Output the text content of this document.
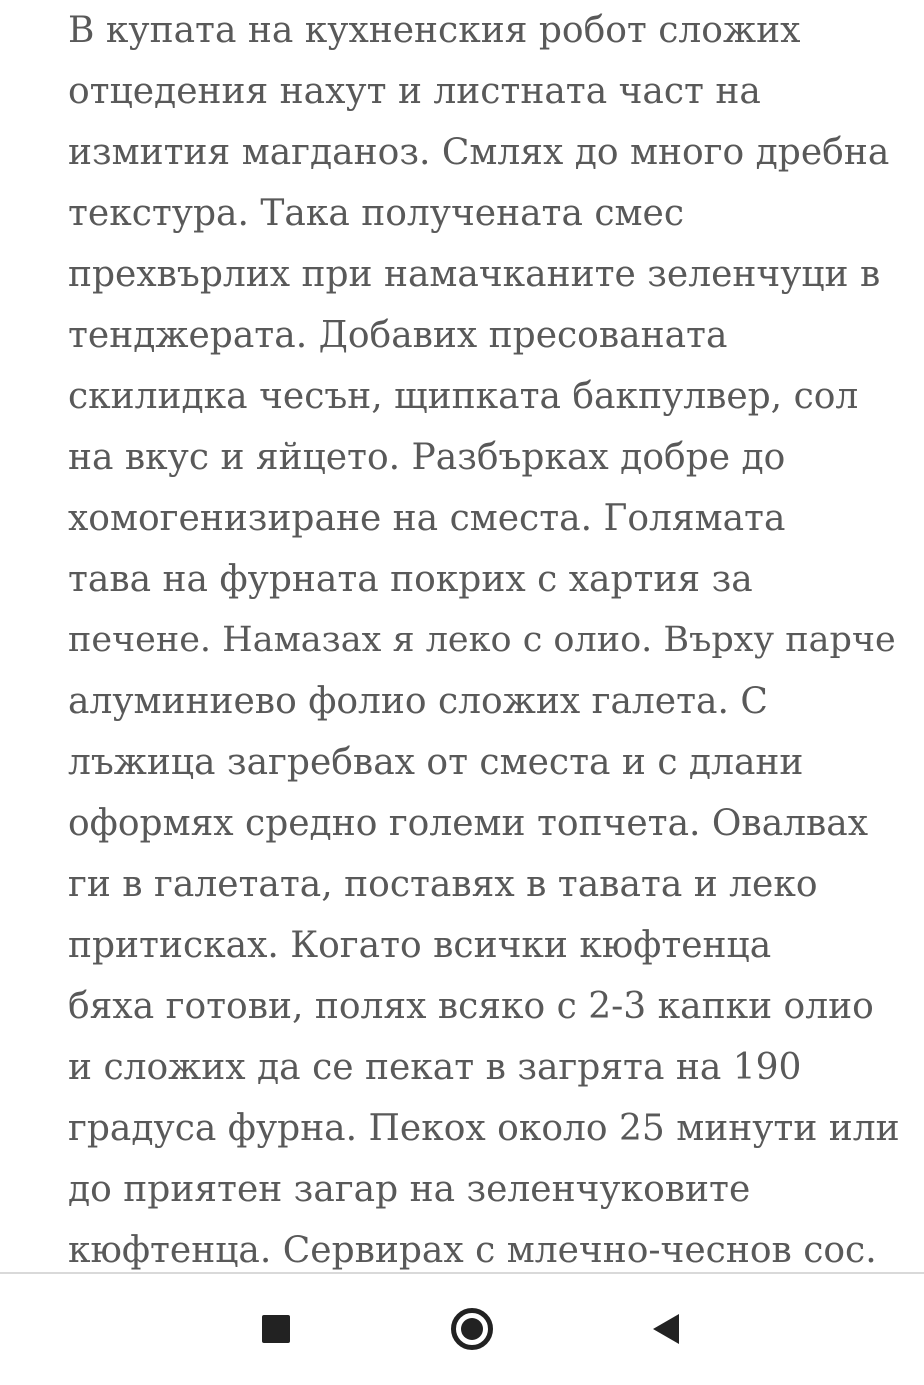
В купата на кухненския робот сложих
отцедения нахут и листната част на
измития магданоз. Смлях до много дребна
текстура. Така получената смес
прехвърлих при намачканите зеленчуци в
тенджерата. Добавих пресованата
скилидка чесън, щипката бакпулвер, сол
на вкус и яйцето. Разбърках добре до
хомогенизиране на сместа. Голямата
тава на фурната покрих с хартия за
печене. Намазах я леко с олио. Върху парче
алуминиево фолио сложих галета. С
лъжица загребвах от сместа и с длани
оформях средно големи топчета. Овалвах
ги в галетата, поставях в тавата и леко
притисках. Когато всички кюфтенца
бяха готови, полях всяко с 2-3 капки олио
и сложих да се пекат в загрята на 190
градуса фурна. Пекох около 25 минути или
до приятен загар на зеленчуковите
кюфтенца. Сервирах с млечно-чеснов сос.
